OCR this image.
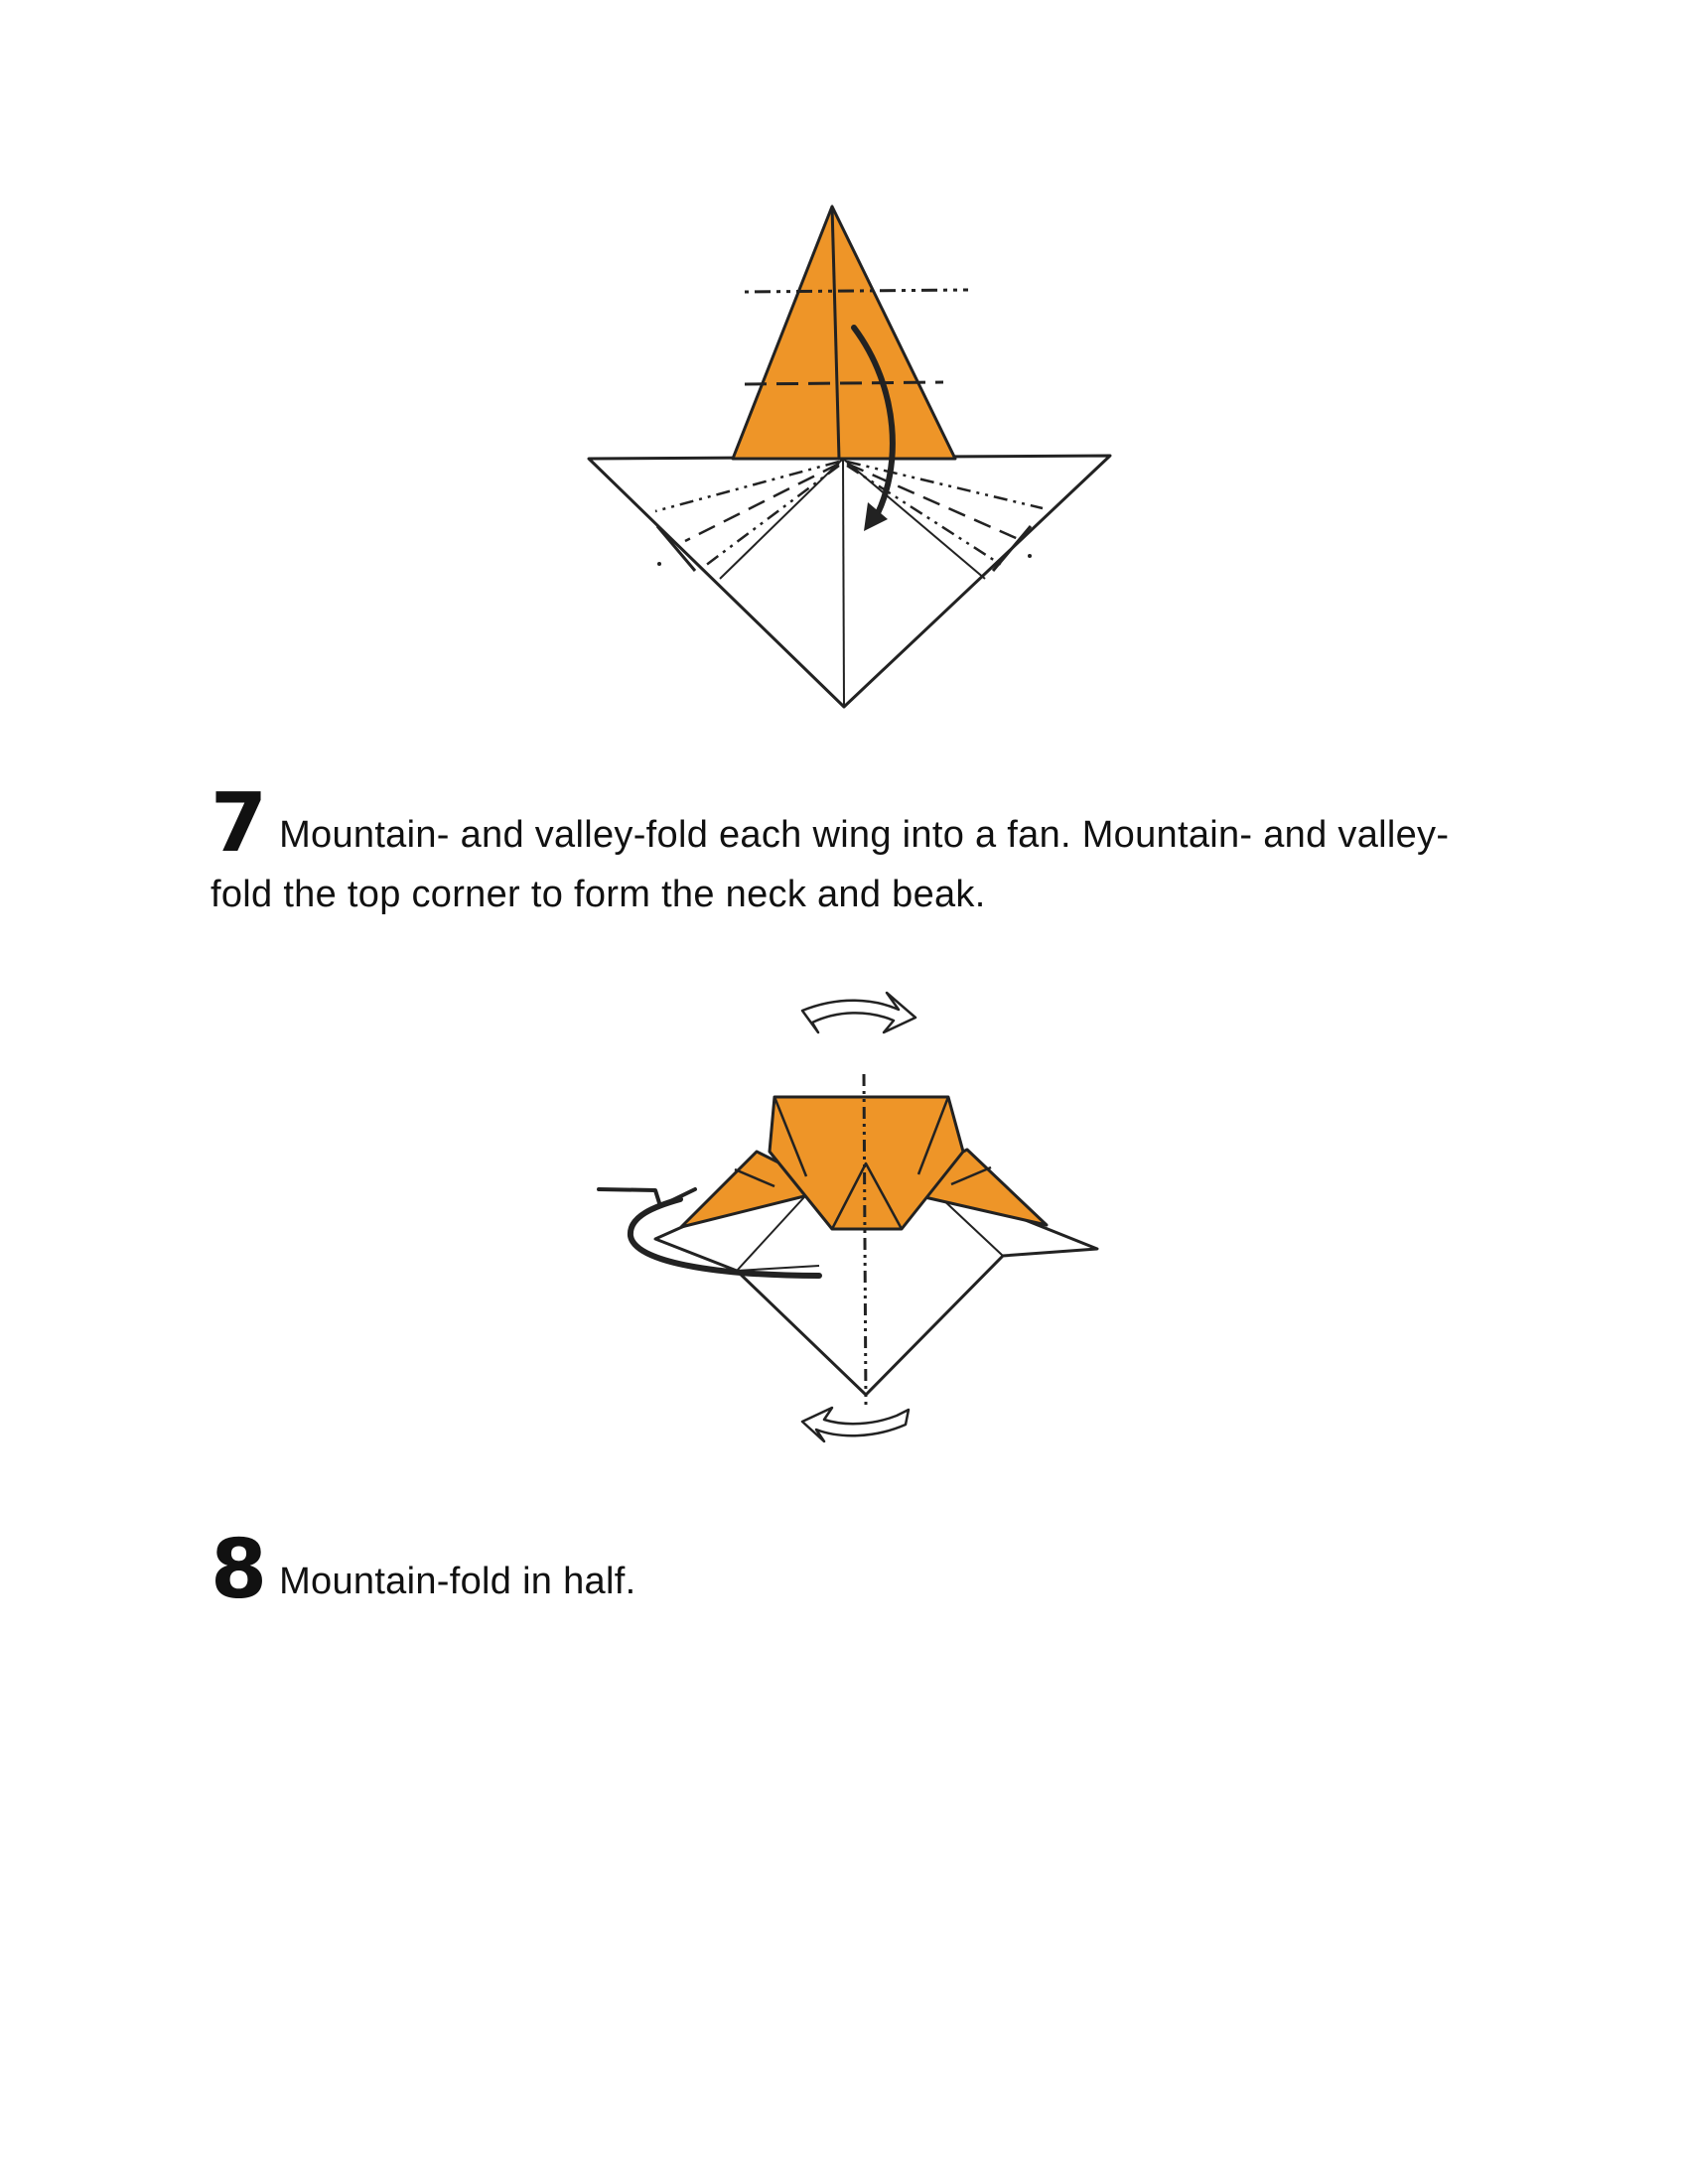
7 Mountain- and valley-fold each wing into a fan. Mountain- and valley-fold the top corner to form the neck and beak.
8 Mountain-fold in half.
